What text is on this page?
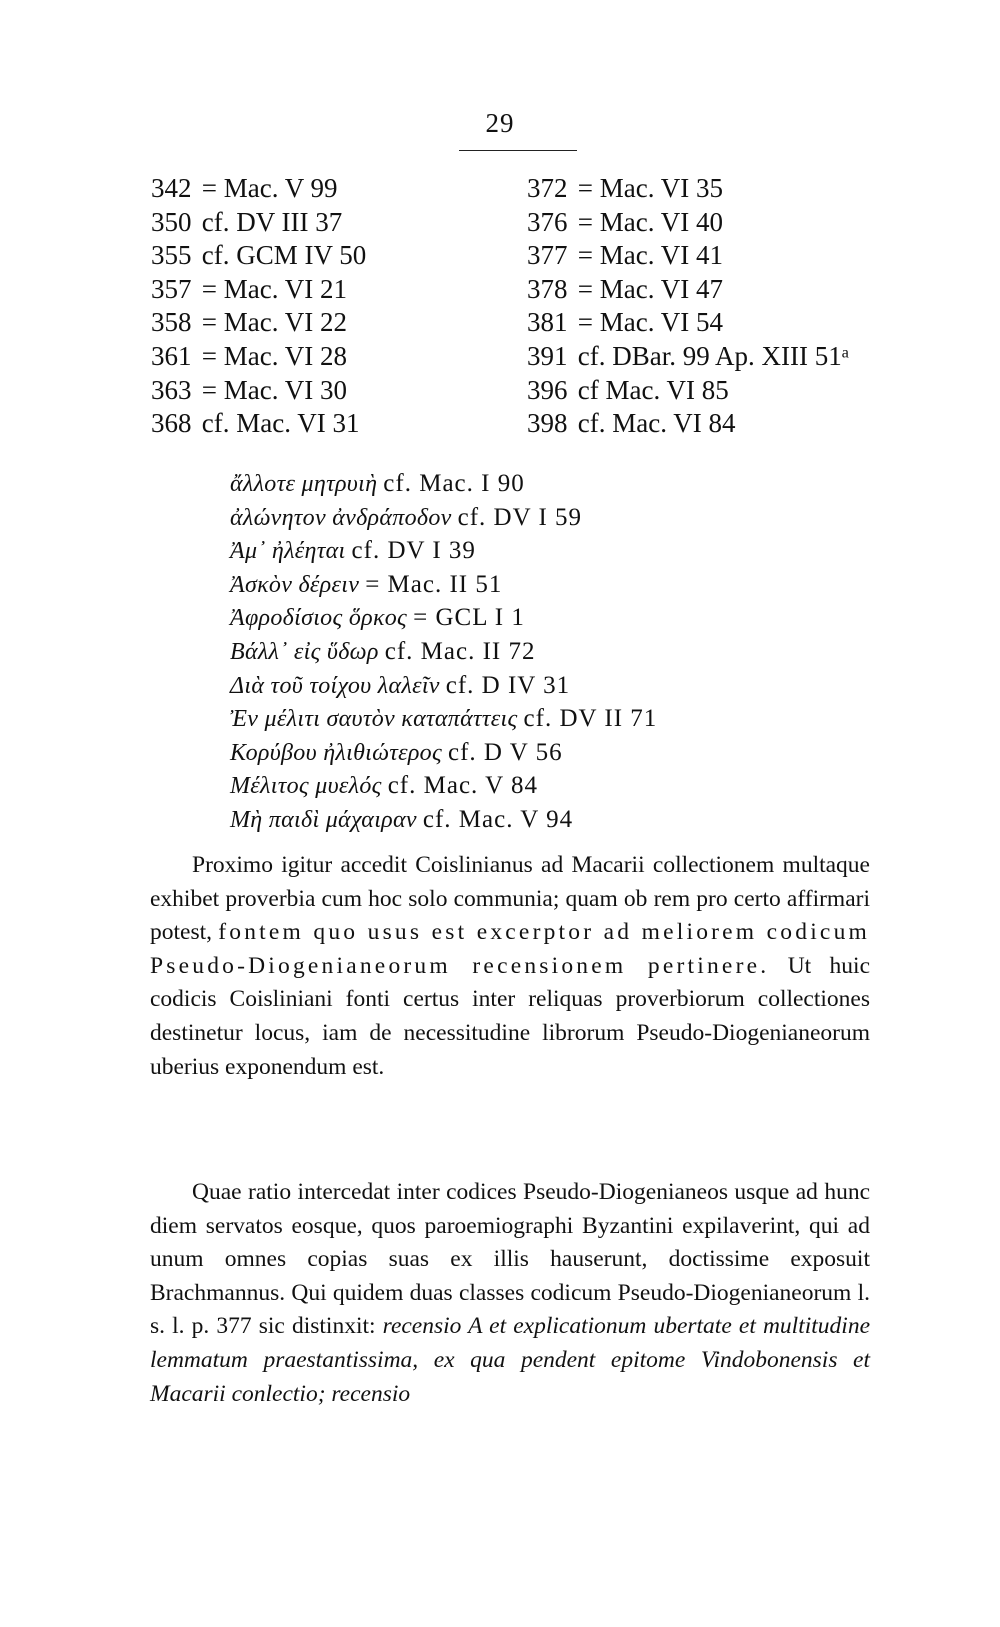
29
342 = Mac. V 99
350 cf. DV III 37
355 cf. GCM IV 50
357 = Mac. VI 21
358 = Mac. VI 22
361 = Mac. VI 28
363 = Mac. VI 30
368 cf. Mac. VI 31
372 = Mac. VI 35
376 = Mac. VI 40
377 = Mac. VI 41
378 = Mac. VI 47
381 = Mac. VI 54
391 cf. DBar. 99 Ap. XIII 51ᵃ
396 cf Mac. VI 85
398 cf. Mac. VI 84
ἄλλοτε μητρυιὴ cf. Mac. I 90
ἀλώνητον ἀνδράποδον cf. DV I 59
Ἀμ᾽ ἠλέηται cf. DV I 39
Ἀσκὸν δέρειν = Mac. II 51
Ἀφροδίσιος ὅρκος = GCL I 1
Βάλλ᾽ εἰς ὕδωρ cf. Mac. II 72
Διὰ τοῦ τοίχου λαλεῖν cf. D IV 31
Ἐν μέλιτι σαυτὸν καταπάττεις cf. DV II 71
Κορύβου ἠλιθιώτερος cf. D V 56
Μέλιτος μυελός cf. Mac. V 84
Μὴ παιδὶ μάχαιραν cf. Mac. V 94

Proximo igitur accedit Coislinianus ad Macarii collectionem multaque exhibet proverbia cum hoc solo communia; quam ob rem pro certo affirmari potest, fontem quo usus est excerptor ad meliorem codicum Pseudo-Diogenianeorum recensionem pertinere. Ut huic codicis Coisliniani fonti certus inter reliquas proverbiorum collectiones destinetur locus, iam de necessitudine librorum Pseudo-Diogenianeorum uberius exponendum est.

Quae ratio intercedat inter codices Pseudo-Diogenianeos usque ad hunc diem servatos eosque, quos paroemiographi Byzantini expilaverint, qui ad unum omnes copias suas ex illis hauserunt, doctissime exposuit Brachmannus. Qui quidem duas classes codicum Pseudo-Diogenianeorum l. s. l. p. 377 sic distinxit: recensio A et explicationum ubertate et multitudine lemmatum praestantissima, ex qua pendent epitome Vindobonensis et Macarii conlectio; recensio
